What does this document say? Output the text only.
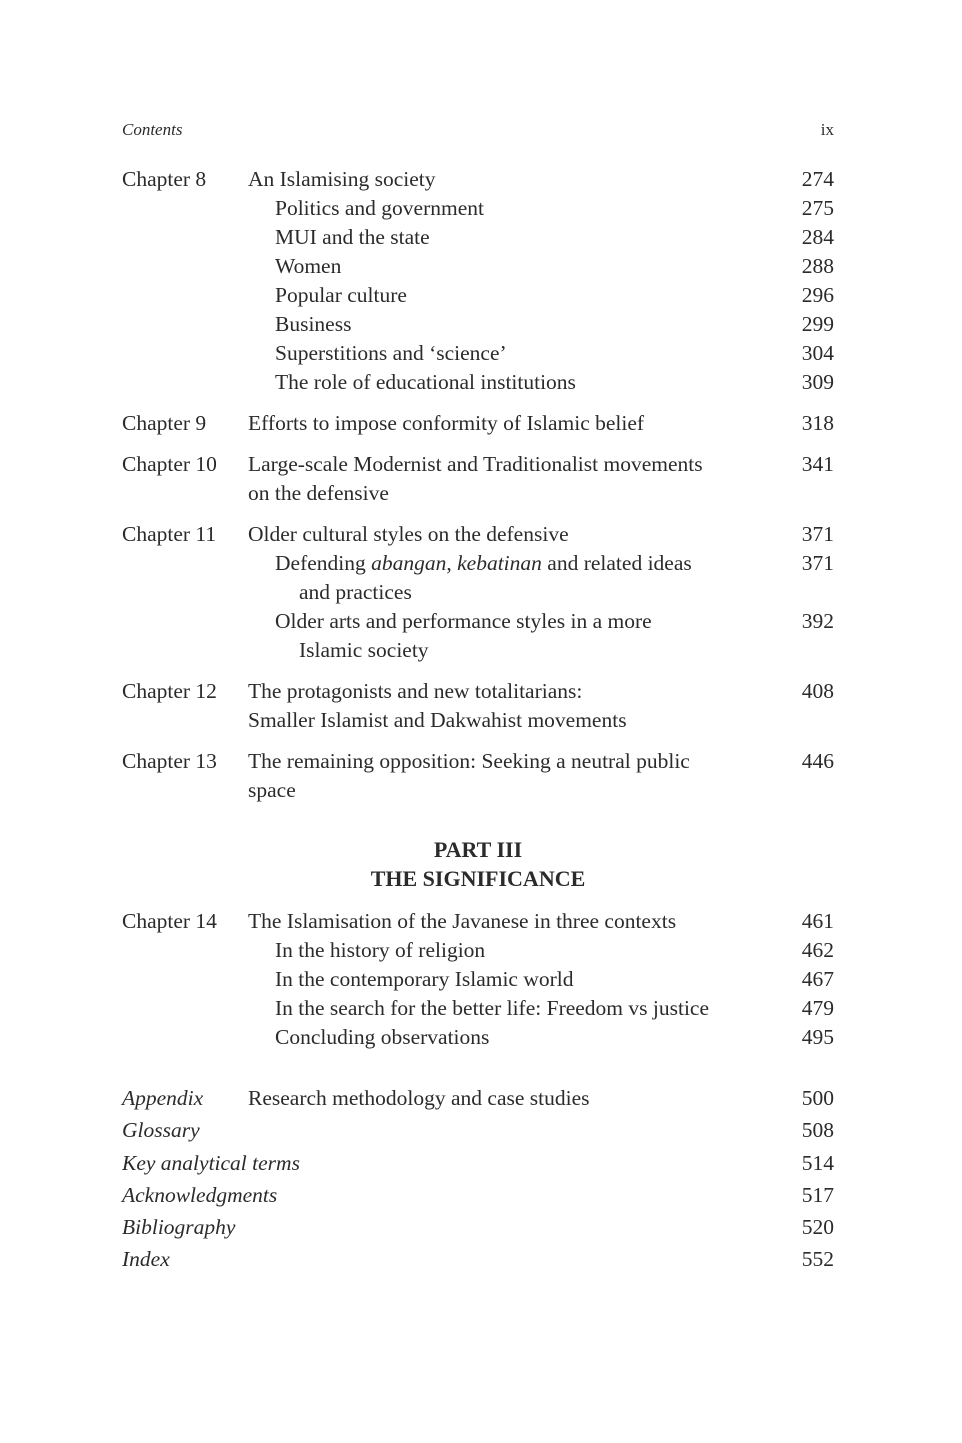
Contents	ix
Chapter 8 An Islamising society	274
Politics and government	275
MUI and the state	284
Women	288
Popular culture	296
Business	299
Superstitions and ‘science’	304
The role of educational institutions	309
Chapter 9 Efforts to impose conformity of Islamic belief	318
Chapter 10 Large-scale Modernist and Traditionalist movements	341
on the defensive
Chapter 11 Older cultural styles on the defensive	371
Defending abangan, kebatinan and related ideas	371
and practices
Older arts and performance styles in a more	392
Islamic society
Chapter 12 The protagonists and new totalitarians:	408
Smaller Islamist and Dakwahist movements
Chapter 13 The remaining opposition: Seeking a neutral public	446
space
PART III
THE SIGNIFICANCE
Chapter 14 The Islamisation of the Javanese in three contexts	461
In the history of religion	462
In the contemporary Islamic world	467
In the search for the better life: Freedom vs justice	479
Concluding observations	495
Appendix Research methodology and case studies	500
Glossary	508
Key analytical terms	514
Acknowledgments	517
Bibliography	520
Index	552
